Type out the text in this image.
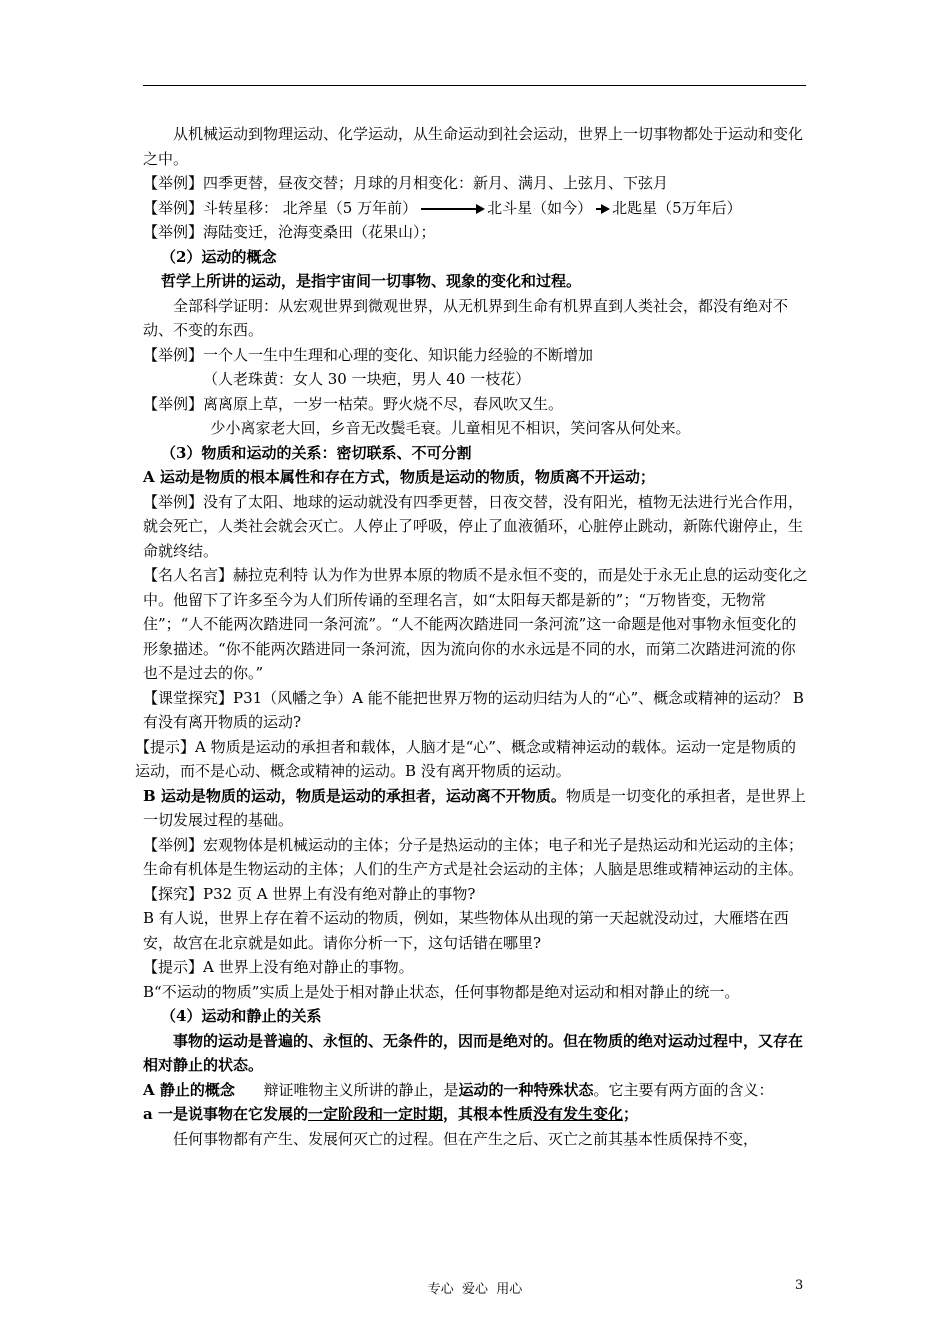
从机械运动到物理运动、化学运动，从生命运动到社会运动，世界上一切事物都处于运动和变化之中。

【举例】四季更替，昼夜交替；月球的月相变化：新月、满月、上弦月、下弦月

【举例】斗转星移： 北斧星（5 万年前）	北斗星（如今） 北匙星（5万年后）

【举例】海陆变迁，沧海变桑田（花果山）；

（2）运动的概念

哲学上所讲的运动，是指宇宙间一切事物、现象的变化和过程。

全部科学证明：从宏观世界到微观世界，从无机界到生命有机界直到人类社会，都没有绝对不动、不变的东西。

【举例】一个人一生中生理和心理的变化、知识能力经验的不断增加

（人老珠黄：女人 30 一块疤，男人 40 一枝花）

【举例】离离原上草，一岁一枯荣。野火烧不尽，春风吹又生。

少小离家老大回，乡音无改鬓毛衰。儿童相见不相识，笑问客从何处来。

（3）物质和运动的关系：密切联系、不可分割

A 运动是物质的根本属性和存在方式，物质是运动的物质，物质离不开运动；

【举例】没有了太阳、地球的运动就没有四季更替，日夜交替，没有阳光，植物无法进行光合作用，就会死亡，人类社会就会灭亡。人停止了呼吸，停止了血液循环，心脏停止跳动，新陈代谢停止，生命就终结。

【名人名言】赫拉克利特 认为作为世界本原的物质不是永恒不变的，而是处于永无止息的运动变化之中。他留下了许多至今为人们所传诵的至理名言，如“太阳每天都是新的”；“万物皆变，无物常住”；“人不能两次踏进同一条河流”。“人不能两次踏进同一条河流”这一命题是他对事物永恒变化的形象描述。“你不能两次踏进同一条河流，因为流向你的水永远是不同的水，而第二次踏进河流的你也不是过去的你。”

【课堂探究】P31（风幡之争）A 能不能把世界万物的运动归结为人的“心”、概念或精神的运动？ B 有没有离开物质的运动?

【提示】A 物质是运动的承担者和载体，人脑才是“心”、概念或精神运动的载体。运动一定是物质的运动，而不是心动、概念或精神的运动。B 没有离开物质的运动。

B 运动是物质的运动，物质是运动的承担者，运动离不开物质。物质是一切变化的承担者，是世界上一切发展过程的基础。

【举例】宏观物体是机械运动的主体；分子是热运动的主体；电子和光子是热运动和光运动的主体；生命有机体是生物运动的主体；人们的生产方式是社会运动的主体；人脑是思维或精神运动的主体。

【探究】P32 页 A 世界上有没有绝对静止的事物?

B 有人说，世界上存在着不运动的物质，例如，某些物体从出现的第一天起就没动过，大雁塔在西安，故宫在北京就是如此。请你分析一下，这句话错在哪里?

【提示】A 世界上没有绝对静止的事物。

B“不运动的物质”实质上是处于相对静止状态，任何事物都是绝对运动和相对静止的统一。

（4）运动和静止的关系

事物的运动是普遍的、永恒的、无条件的，因而是绝对的。但在物质的绝对运动过程中，又存在相对静止的状态。

A 静止的概念      辩证唯物主义所讲的静止，是运动的一种特殊状态。它主要有两方面的含义：

a 一是说事物在它发展的一定阶段和一定时期，其根本性质没有发生变化；

任何事物都有产生、发展何灭亡的过程。但在产生之后、灭亡之前其基本性质保持不变，

专心  爱心  用心	3
